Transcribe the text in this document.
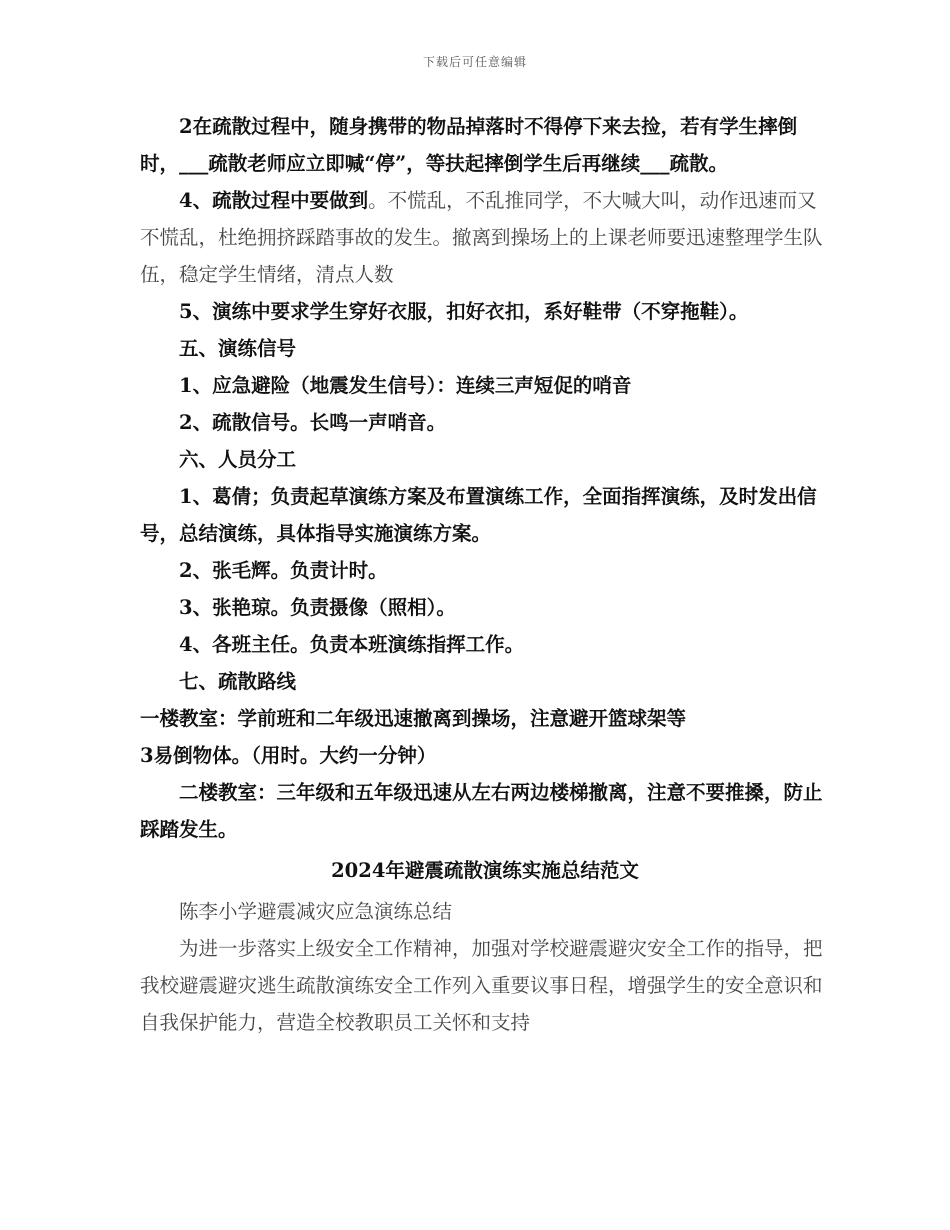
下载后可任意编辑

2在疏散过程中，随身携带的物品掉落时不得停下来去捡，若有学生摔倒时，___疏散老师应立即喊“停”，等扶起摔倒学生后再继续___疏散。

4、疏散过程中要做到。不慌乱，不乱推同学，不大喊大叫，动作迅速而又不慌乱，杜绝拥挤踩踏事故的发生。撤离到操场上的上课老师要迅速整理学生队伍，稳定学生情绪，清点人数

5、演练中要求学生穿好衣服，扣好衣扣，系好鞋带（不穿拖鞋）。

五、演练信号

1、应急避险（地震发生信号）：连续三声短促的哨音

2、疏散信号。长鸣一声哨音。

六、人员分工

1、葛倩；负责起草演练方案及布置演练工作，全面指挥演练，及时发出信号，总结演练，具体指导实施演练方案。

2、张毛辉。负责计时。

3、张艳琼。负责摄像（照相）。

4、各班主任。负责本班演练指挥工作。

七、疏散路线

一楼教室：学前班和二年级迅速撤离到操场，注意避开篮球架等

3易倒物体。（用时。大约一分钟）

二楼教室：三年级和五年级迅速从左右两边楼梯撤离，注意不要推搡，防止踩踏发生。

2024年避震疏散演练实施总结范文

陈李小学避震减灾应急演练总结

为进一步落实上级安全工作精神，加强对学校避震避灾安全工作的指导，把我校避震避灾逃生疏散演练安全工作列入重要议事日程，增强学生的安全意识和自我保护能力，营造全校教职员工关怀和支持
